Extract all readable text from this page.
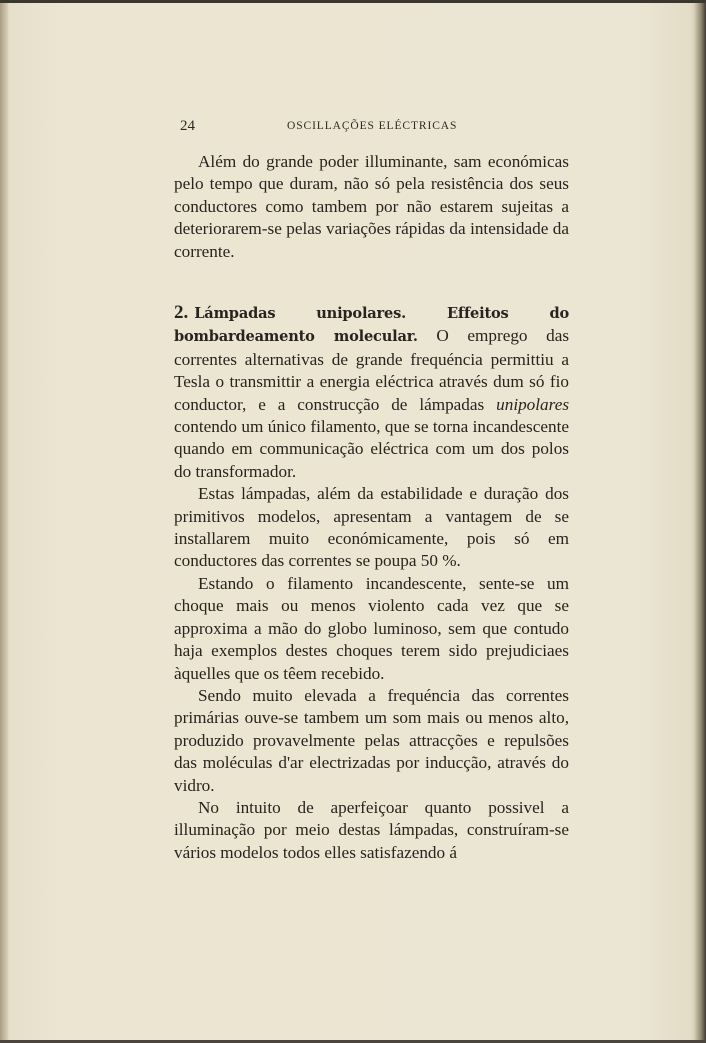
24	OSCILLAÇÕES ELÉCTRICAS

Além do grande poder illuminante, sam económicas pelo tempo que duram, não só pela resistência dos seus conductores como tambem por não estarem sujeitas a deteriorarem-se pelas variações rápidas da intensidade da corrente.

2. Lámpadas unipolares. Effeitos do bombardeamento molecular. O emprego das correntes alternativas de grande frequéncia permittiu a Tesla o transmittir a energia eléctrica através dum só fio conductor, e a construcção de lámpadas unipolares contendo um único filamento, que se torna incandescente quando em communicação eléctrica com um dos polos do transformador.

Estas lámpadas, além da estabilidade e duração dos primitivos modelos, apresentam a vantagem de se installarem muito económicamente, pois só em conductores das correntes se poupa 50 %.

Estando o filamento incandescente, sente-se um choque mais ou menos violento cada vez que se approxima a mão do globo luminoso, sem que contudo haja exemplos destes choques terem sido prejudiciaes àquelles que os têem recebido.

Sendo muito elevada a frequéncia das correntes primárias ouve-se tambem um som mais ou menos alto, produzido provavelmente pelas attracções e repulsões das moléculas d'ar electrizadas por inducção, através do vidro.

No intuito de aperfeiçoar quanto possivel a illuminação por meio destas lámpadas, construíram-se vários modelos todos elles satisfazendo á
